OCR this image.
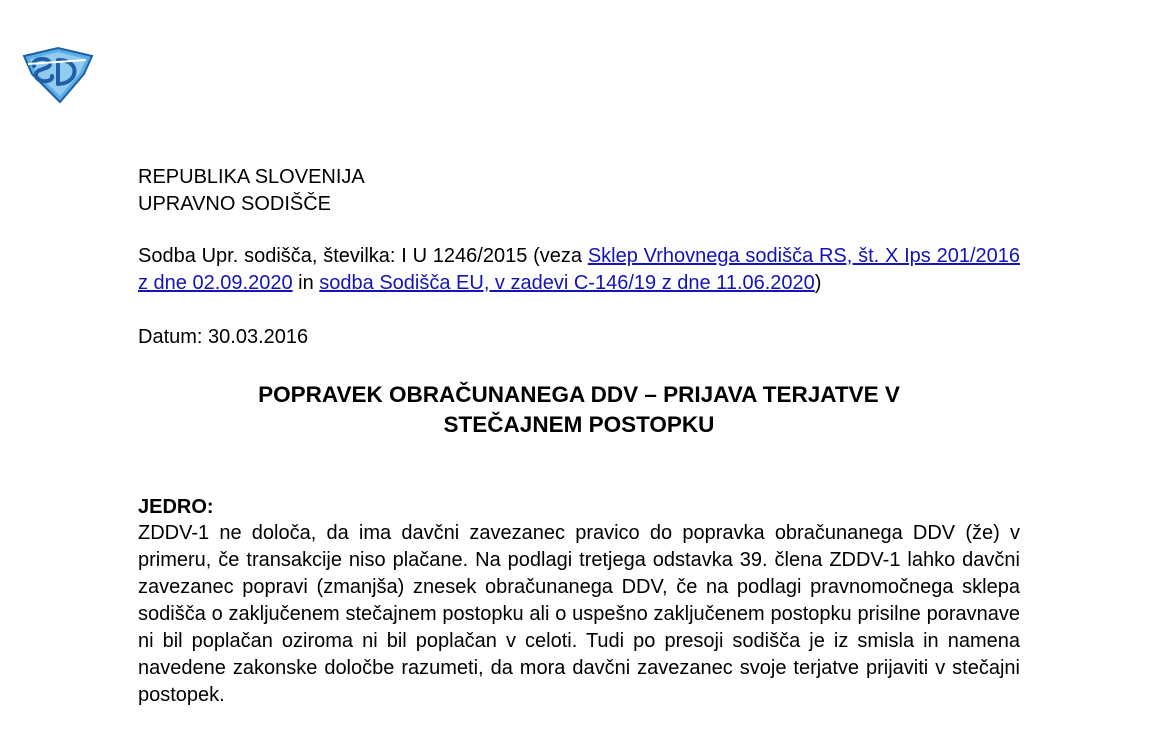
REPUBLIKA SLOVENIJA
UPRAVNO SODIŠČE
Sodba Upr. sodišča, številka: I U 1246/2015 (veza Sklep Vrhovnega sodišča RS, št. X Ips 201/2016 z dne 02.09.2020 in sodba Sodišča EU, v zadevi C-146/19 z dne 11.06.2020)
Datum: 30.03.2016
POPRAVEK OBRAČUNANEGA DDV – PRIJAVA TERJATVE V
STEČAJNEM POSTOPKU
JEDRO:

ZDDV-1 ne določa, da ima davčni zavezanec pravico do popravka obračunanega DDV (že) v primeru, če transakcije niso plačane. Na podlagi tretjega odstavka 39. člena ZDDV-1 lahko davčni zavezanec popravi (zmanjša) znesek obračunanega DDV, če na podlagi pravnomočnega sklepa sodišča o zaključenem stečajnem postopku ali o uspešno zaključenem postopku prisilne poravnave ni bil poplačan oziroma ni bil poplačan v celoti. Tudi po presoji sodišča je iz smisla in namena navedene zakonske določbe razumeti, da mora davčni zavezanec svoje terjatve prijaviti v stečajni postopek.
